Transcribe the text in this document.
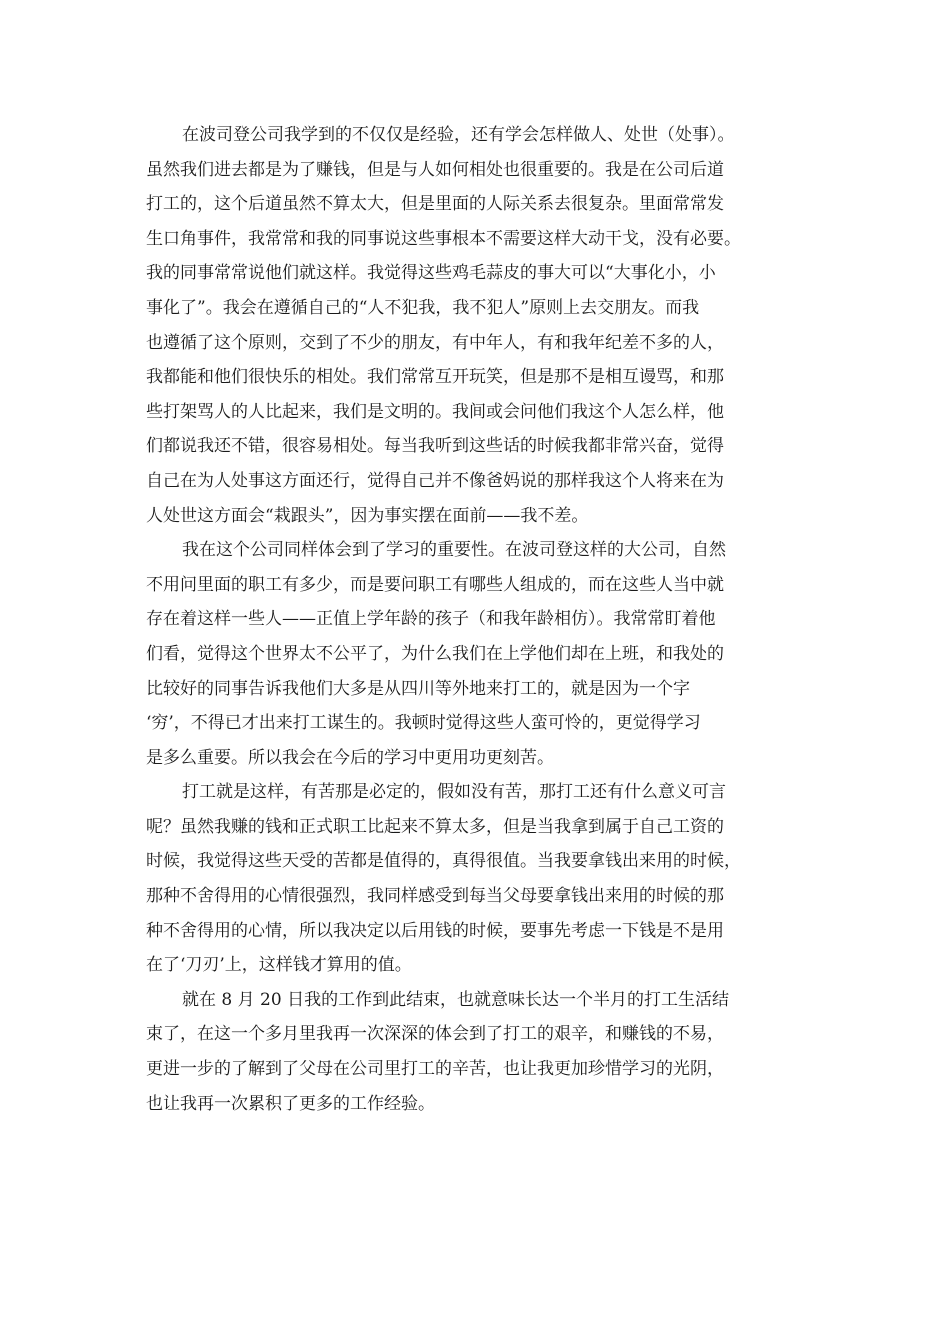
在波司登公司我学到的不仅仅是经验，还有学会怎样做人、处世（处事）。
虽然我们进去都是为了赚钱，但是与人如何相处也很重要的。我是在公司后道
打工的，这个后道虽然不算太大，但是里面的人际关系去很复杂。里面常常发
生口角事件，我常常和我的同事说这些事根本不需要这样大动干戈，没有必要。
我的同事常常说他们就这样。我觉得这些鸡毛蒜皮的事大可以“大事化小，小
事化了”。我会在遵循自己的“人不犯我，我不犯人”原则上去交朋友。而我
也遵循了这个原则，交到了不少的朋友，有中年人，有和我年纪差不多的人，
我都能和他们很快乐的相处。我们常常互开玩笑，但是那不是相互谩骂，和那
些打架骂人的人比起来，我们是文明的。我间或会问他们我这个人怎么样，他
们都说我还不错，很容易相处。每当我听到这些话的时候我都非常兴奋，觉得
自己在为人处事这方面还行，觉得自己并不像爸妈说的那样我这个人将来在为
人处世这方面会“栽跟头”，因为事实摆在面前——我不差。
我在这个公司同样体会到了学习的重要性。在波司登这样的大公司，自然
不用问里面的职工有多少，而是要问职工有哪些人组成的，而在这些人当中就
存在着这样一些人——正值上学年龄的孩子（和我年龄相仿）。我常常盯着他
们看，觉得这个世界太不公平了，为什么我们在上学他们却在上班，和我处的
比较好的同事告诉我他们大多是从四川等外地来打工的，就是因为一个字
‘穷’，不得已才出来打工谋生的。我顿时觉得这些人蛮可怜的，更觉得学习
是多么重要。所以我会在今后的学习中更用功更刻苦。
打工就是这样，有苦那是必定的，假如没有苦，那打工还有什么意义可言
呢？虽然我赚的钱和正式职工比起来不算太多，但是当我拿到属于自己工资的
时候，我觉得这些天受的苦都是值得的，真得很值。当我要拿钱出来用的时候，
那种不舍得用的心情很强烈，我同样感受到每当父母要拿钱出来用的时候的那
种不舍得用的心情，所以我决定以后用钱的时候，要事先考虑一下钱是不是用
在了‘刀刃’上，这样钱才算用的值。
就在 8 月 20 日我的工作到此结束，也就意味长达一个半月的打工生活结
束了，在这一个多月里我再一次深深的体会到了打工的艰辛，和赚钱的不易，
更进一步的了解到了父母在公司里打工的辛苦，也让我更加珍惜学习的光阴，
也让我再一次累积了更多的工作经验。
